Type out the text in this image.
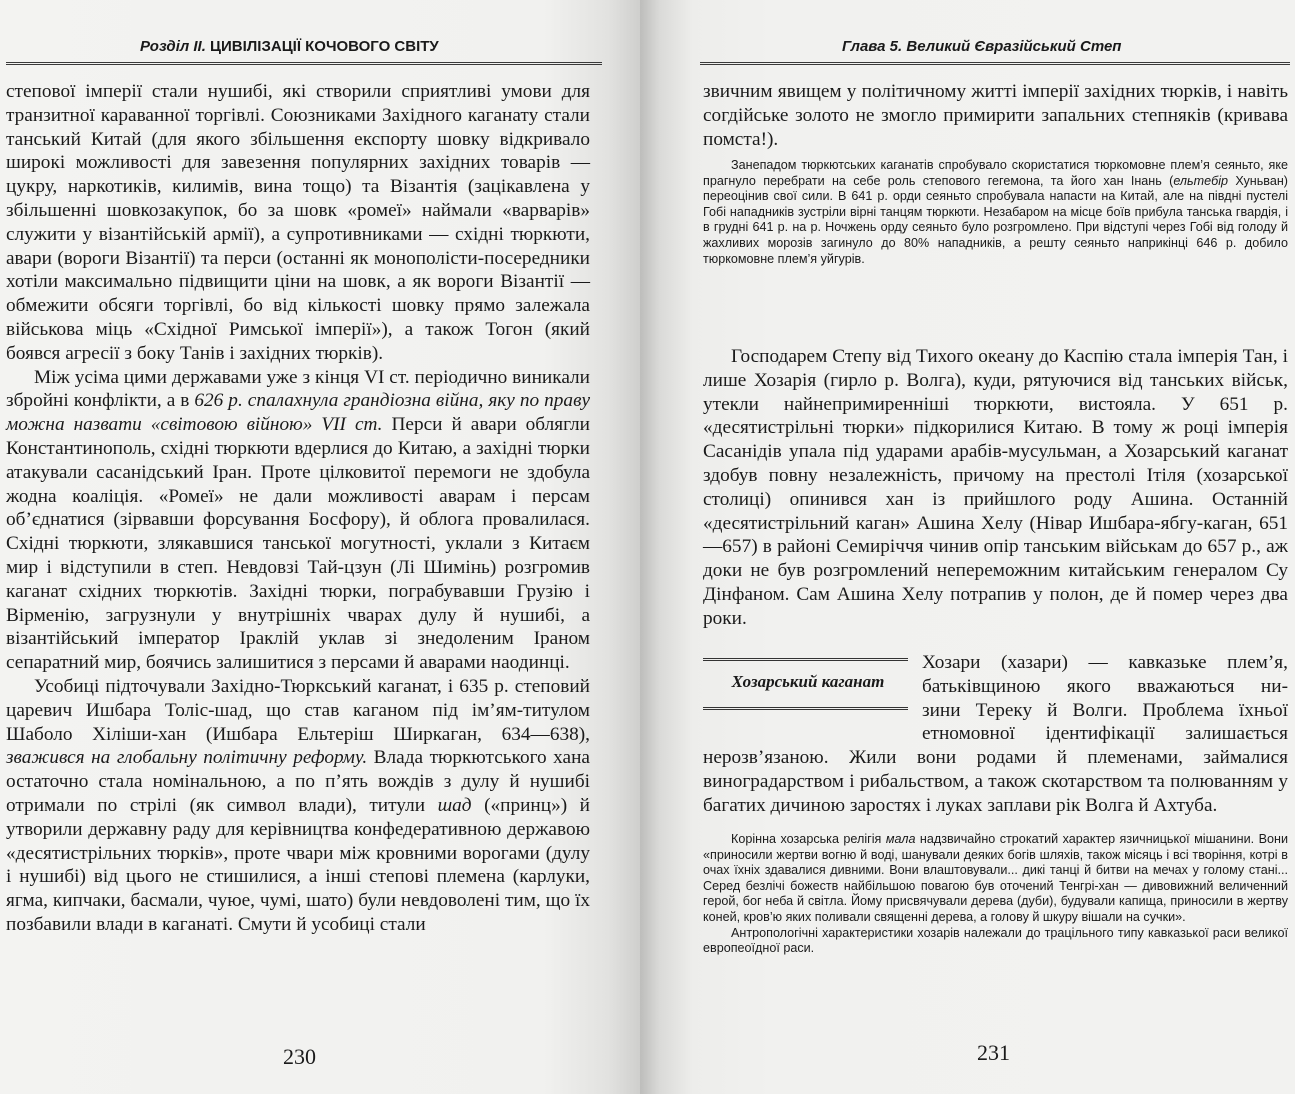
Розділ II. ЦИВІЛІЗАЦІЇ КОЧОВОГО СВІТУ

степової імперії стали нушибі, які створили сприятливі умови для транзитної караванної торгівлі. Союзниками Західного каганату стали танський Китай (для якого збільшення експорту шовку відкривало широкі можливості для завезення популярних західних товарів — цукру, наркотиків, килимів, вина тощо) та Візантія (зацікавлена у збільшенні шовкозакупок, бо за шовк «ромеї» наймали «варварів» служити у візантійській армії), а супротивниками — східні тюркюти, авари (вороги Візантії) та перси (останні як монополісти-посередники хотіли максимально підвищити ціни на шовк, а як вороги Візантії — обмежити обсяги торгівлі, бо від кількості шовку прямо залежала військова міць «Східної Римської імперії»), а також Тогон (який боявся агресії з боку Танів і західних тюрків).

Між усіма цими державами уже з кінця VI ст. періодично виникали збройні конфлікти, а в 626 р. спалахнула грандіозна війна, яку по праву можна назвати «світовою війною» VII ст. Перси й авари облягли Константинополь, східні тюркюти вдерлися до Китаю, а західні тюрки атакували сасанідський Іран. Проте цілковитої перемоги не здобула жодна коаліція. «Ромеї» не дали можливості аварам і персам об’єднатися (зірвавши форсування Босфору), й облога провалилася. Східні тюркюти, злякавшися танської могутності, уклали з Китаєм мир і відступили в степ. Невдовзі Тай-цзун (Лі Шимінь) розгромив каганат східних тюркютів. Західні тюрки, пограбувавши Грузію і Вірменію, загрузнули у внутрішніх чварах дулу й нушибі, а візантійський імператор Іраклій уклав зі знедоленим Іраном сепаратний мир, боячись залишитися з персами й аварами наодинці.

Усобиці підточували Західно-Тюркський каганат, і 635 р. степовий царевич Ишбара Толіс-шад, що став каганом під ім’ям-титулом Шаболо Хіліши-хан (Ишбара Ельтеріш Ширкаган, 634—638), зважився на глобальну політичну реформу. Влада тюркютського хана остаточно стала номінальною, а по п’ять вождів з дулу й нушибі отримали по стрілі (як символ влади), титули шад («принц») й утворили державну раду для керівництва конфедеративною державою «десятистрільних тюрків», проте чвари між кровними ворогами (дулу і нушибі) від цього не стишилися, а інші степові племена (карлуки, ягма, кипчаки, басмали, чуюе, чумі, шато) були невдоволені тим, що їх позбавили влади в каганаті. Смути й усобиці стали

230
Глава 5. Великий Євразійський Степ

звичним явищем у політичному житті імперії західних тюрків, і навіть согдійське золото не змогло примирити запальних степняків (кривава помста!).

Занепадом тюркютських каганатів спробувало скористатися тюркомовне плем’я сеяньто, яке прагнуло перебрати на себе роль степового гегемона, та його хан Інань (ельтебір Хуньван) переоцінив свої сили. В 641 р. орди сеяньто спробувала напасти на Китай, але на півдні пустелі Гобі нападників зустріли вірні танцям тюркюти. Незабаром на місце боїв прибула танська гвардія, і в грудні 641 р. на р. Ночжень орду сеяньто було розгромлено. При відступі через Гобі від голоду й жахливих морозів загинуло до 80% нападників, а решту сеяньто наприкінці 646 р. добило тюркомовне плем’я уйгурів.

Господарем Степу від Тихого океану до Каспію стала імперія Тан, і лише Хозарія (гирло р. Волга), куди, рятуючися від танських військ, утекли найнепримиренніші тюркюти, вистояла. У 651 р. «десятистрільні тюрки» підкорилися Китаю. В тому ж році імперія Сасанідів упала під ударами арабів-мусульман, а Хозарський каганат здобув повну незалежність, причому на престолі Ітіля (хозарської столиці) опинився хан із прийшлого роду Ашина. Останній «десятистрільний каган» Ашина Хелу (Нівар Ишбара-ябгу-каган, 651—657) в районі Семиріччя чинив опір танським військам до 657 р., аж доки не був розгромлений непереможним китайським генералом Су Дінфаном. Сам Ашина Хелу потрапив у полон, де й помер через два роки.

Хозарський каганат
Хозари (хазари) — кавказьке плем’я,
батьківщиною якого вважаються ни-
зини Тереку й Волги. Проблема їхньої
етномовної ідентифікації залишається

нерозв’язаною. Жили вони родами й племенами, займалися виноградарством і рибальством, а також скотарством та полюванням у багатих дичиною заростях і луках заплави рік Волга й Ахтуба.

Корінна хозарська релігія мала надзвичайно строкатий характер язичницької мішанини. Вони «приносили жертви вогню й воді, шанували деяких богів шляхів, також місяць і всі творіння, котрі в очах їхніх здавалися дивними. Вони влаштовували... дикі танці й битви на мечах у голому стані... Серед безлічі божеств найбільшою повагою був оточений Тенгрі-хан — дивовижний величенний герой, бог неба й світла. Йому присвячували дерева (дуби), будували капища, приносили в жертву коней, кров’ю яких поливали священні дерева, а голову й шкуру вішали на сучки».

Антропологічні характеристики хозарів належали до трацільного типу кавказької раси великої европеоїдної раси.

231
